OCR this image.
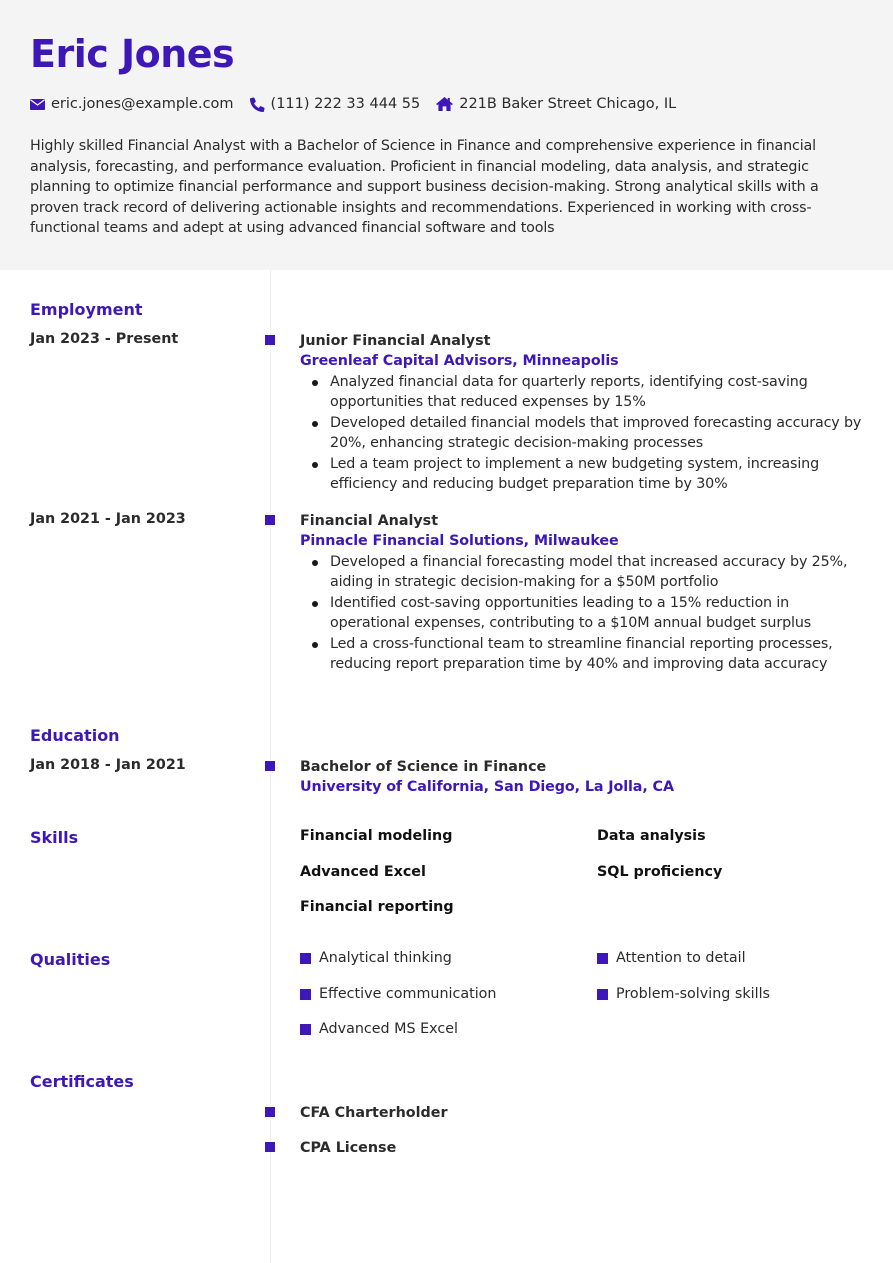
Eric Jones
eric.jones@example.com	(111) 222 33 444 55	221B Baker Street Chicago, IL

Highly skilled Financial Analyst with a Bachelor of Science in Finance and comprehensive experience in financial analysis, forecasting, and performance evaluation. Proficient in financial modeling, data analysis, and strategic planning to optimize financial performance and support business decision-making. Strong analytical skills with a proven track record of delivering actionable insights and recommendations. Experienced in working with cross-functional teams and adept at using advanced financial software and tools

Employment
Jan 2023 - Present	Junior Financial Analyst
Greenleaf Capital Advisors, Minneapolis
Analyzed financial data for quarterly reports, identifying cost-saving opportunities that reduced expenses by 15%
Developed detailed financial models that improved forecasting accuracy by 20%, enhancing strategic decision-making processes
Led a team project to implement a new budgeting system, increasing efficiency and reducing budget preparation time by 30%
Jan 2021 - Jan 2023	Financial Analyst
Pinnacle Financial Solutions, Milwaukee
Developed a financial forecasting model that increased accuracy by 25%, aiding in strategic decision-making for a $50M portfolio
Identified cost-saving opportunities leading to a 15% reduction in operational expenses, contributing to a $10M annual budget surplus
Led a cross-functional team to streamline financial reporting processes, reducing report preparation time by 40% and improving data accuracy
Education
Jan 2018 - Jan 2021	Bachelor of Science in Finance
University of California, San Diego, La Jolla, CA
Skills	Financial modeling	Data analysis
Advanced Excel	SQL proficiency
Financial reporting
Qualities	Analytical thinking	Attention to detail
Effective communication	Problem-solving skills
Advanced MS Excel
Certificates
CFA Charterholder
CPA License
